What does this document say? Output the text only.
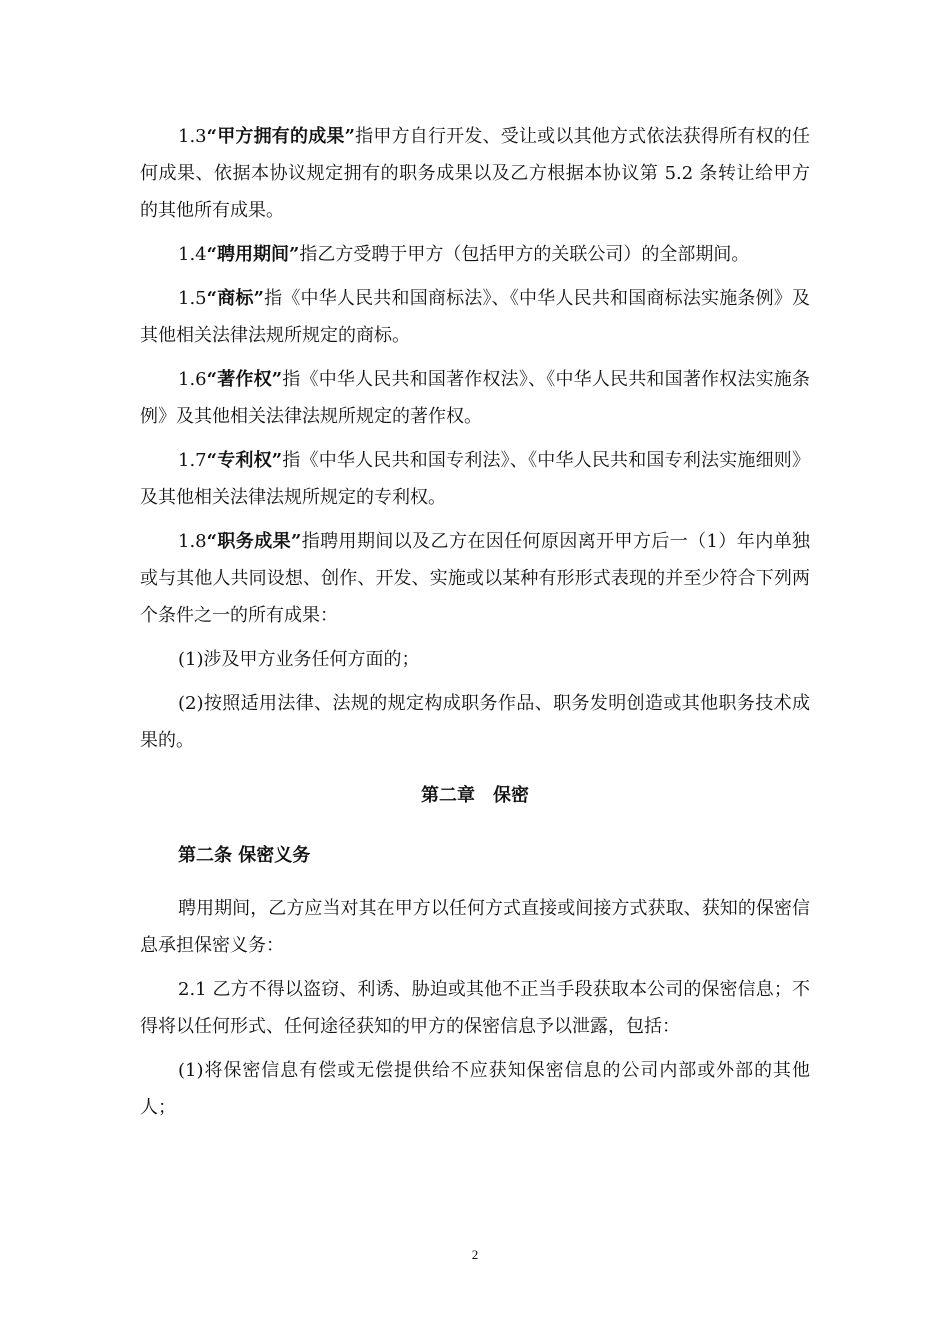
1.3“甲方拥有的成果”指甲方自行开发、受让或以其他方式依法获得所有权的任何成果、依据本协议规定拥有的职务成果以及乙方根据本协议第 5.2 条转让给甲方的其他所有成果。

1.4“聘用期间”指乙方受聘于甲方（包括甲方的关联公司）的全部期间。

1.5“商标”指《中华人民共和国商标法》、《中华人民共和国商标法实施条例》及其他相关法律法规所规定的商标。

1.6“著作权”指《中华人民共和国著作权法》、《中华人民共和国著作权法实施条例》及其他相关法律法规所规定的著作权。

1.7“专利权”指《中华人民共和国专利法》、《中华人民共和国专利法实施细则》及其他相关法律法规所规定的专利权。

1.8“职务成果”指聘用期间以及乙方在因任何原因离开甲方后一（1）年内单独或与其他人共同设想、创作、开发、实施或以某种有形形式表现的并至少符合下列两个条件之一的所有成果：

(1)涉及甲方业务任何方面的；

(2)按照适用法律、法规的规定构成职务作品、职务发明创造或其他职务技术成果的。

第二章　保密
第二条 保密义务

聘用期间，乙方应当对其在甲方以任何方式直接或间接方式获取、获知的保密信息承担保密义务：

2.1 乙方不得以盗窃、利诱、胁迫或其他不正当手段获取本公司的保密信息；不得将以任何形式、任何途径获知的甲方的保密信息予以泄露，包括：

(1)将保密信息有偿或无偿提供给不应获知保密信息的公司内部或外部的其他人；

2
